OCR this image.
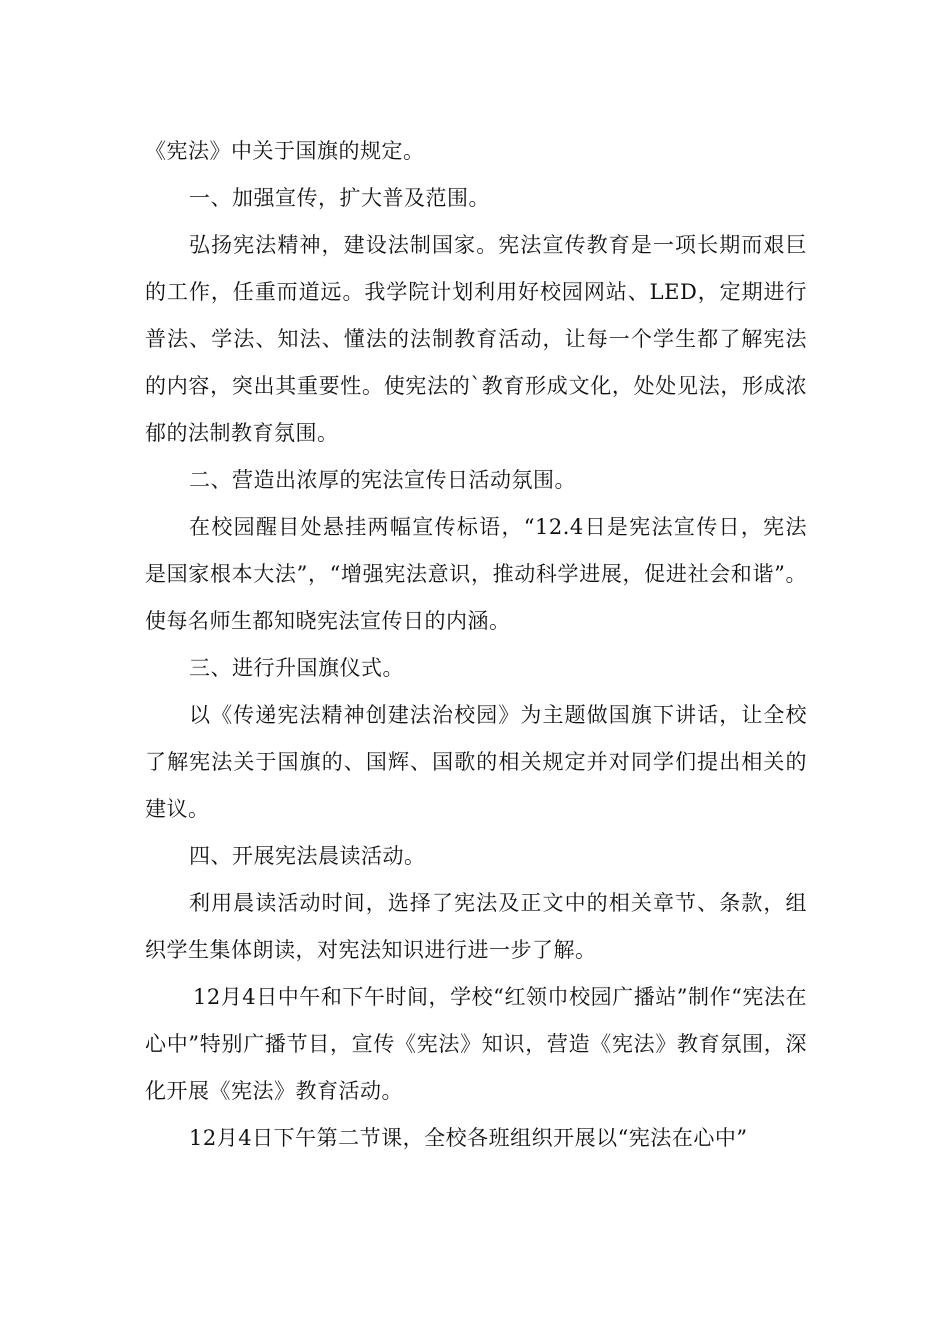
《宪法》中关于国旗的规定。

一、加强宣传，扩大普及范围。

弘扬宪法精神，建设法制国家。宪法宣传教育是一项长期而艰巨的工作，任重而道远。我学院计划利用好校园网站、LED，定期进行普法、学法、知法、懂法的法制教育活动，让每一个学生都了解宪法的内容，突出其重要性。使宪法的`教育形成文化，处处见法，形成浓郁的法制教育氛围。

二、营造出浓厚的宪法宣传日活动氛围。

在校园醒目处悬挂两幅宣传标语，“12.4日是宪法宣传日，宪法是国家根本大法”，“增强宪法意识，推动科学进展，促进社会和谐”。使每名师生都知晓宪法宣传日的内涵。

三、进行升国旗仪式。

以《传递宪法精神创建法治校园》为主题做国旗下讲话，让全校了解宪法关于国旗的、国辉、国歌的相关规定并对同学们提出相关的建议。

四、开展宪法晨读活动。

利用晨读活动时间，选择了宪法及正文中的相关章节、条款，组织学生集体朗读，对宪法知识进行进一步了解。

12月4日中午和下午时间，学校“红领巾校园广播站”制作“宪法在心中”特别广播节目，宣传《宪法》知识，营造《宪法》教育氛围，深化开展《宪法》教育活动。

12月4日下午第二节课，全校各班组织开展以“宪法在心中”
